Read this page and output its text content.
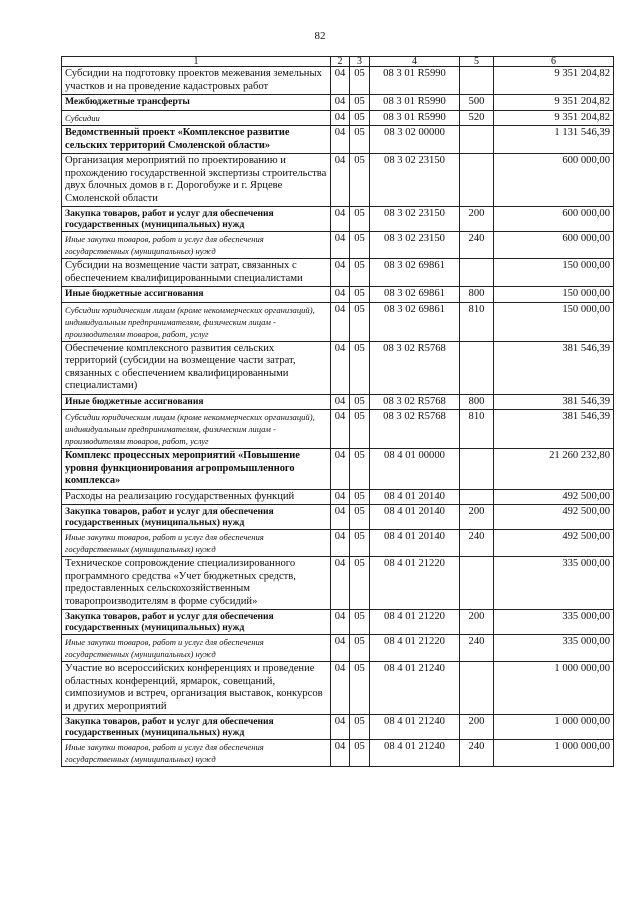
82
1	2	3	4	5	6
Субсидии на подготовку проектов межевания земельных участков и на проведение кадастровых работ	04	05	08 3 01 R5990		9 351 204,82
Межбюджетные трансферты	04	05	08 3 01 R5990	500	9 351 204,82
Субсидии	04	05	08 3 01 R5990	520	9 351 204,82
Ведомственный проект «Комплексное развитие сельских территорий Смоленской области»	04	05	08 3 02 00000		1 131 546,39
Организация мероприятий по проектированию и прохождению государственной экспертизы строительства двух блочных домов в г. Дорогобуже и г. Ярцеве Смоленской области	04	05	08 3 02 23150		600 000,00
Закупка товаров, работ и услуг для обеспечения государственных (муниципальных) нужд	04	05	08 3 02 23150	200	600 000,00
Иные закупки товаров, работ и услуг для обеспечения государственных (муниципальных) нужд	04	05	08 3 02 23150	240	600 000,00
Субсидии на возмещение части затрат, связанных с обеспечением квалифицированными специалистами	04	05	08 3 02 69861		150 000,00
Иные бюджетные ассигнования	04	05	08 3 02 69861	800	150 000,00
Субсидии юридическим лицам (кроме некоммерческих организаций), индивидуальным предпринимателям, физическим лицам - производителям товаров, работ, услуг	04	05	08 3 02 69861	810	150 000,00
Обеспечение комплексного развития сельских территорий (субсидии на возмещение части затрат, связанных с обеспечением квалифицированными специалистами)	04	05	08 3 02 R5768		381 546,39
Иные бюджетные ассигнования	04	05	08 3 02 R5768	800	381 546,39
Субсидии юридическим лицам (кроме некоммерческих организаций), индивидуальным предпринимателям, физическим лицам - производителям товаров, работ, услуг	04	05	08 3 02 R5768	810	381 546,39
Комплекс процессных мероприятий «Повышение уровня функционирования агропромышленного комплекса»	04	05	08 4 01 00000		21 260 232,80
Расходы на реализацию государственных функций	04	05	08 4 01 20140		492 500,00
Закупка товаров, работ и услуг для обеспечения государственных (муниципальных) нужд	04	05	08 4 01 20140	200	492 500,00
Иные закупки товаров, работ и услуг для обеспечения государственных (муниципальных) нужд	04	05	08 4 01 20140	240	492 500,00
Техническое сопровождение специализированного программного средства «Учет бюджетных средств, предоставленных сельскохозяйственным товаропроизводителям в форме субсидий»	04	05	08 4 01 21220		335 000,00
Закупка товаров, работ и услуг для обеспечения государственных (муниципальных) нужд	04	05	08 4 01 21220	200	335 000,00
Иные закупки товаров, работ и услуг для обеспечения государственных (муниципальных) нужд	04	05	08 4 01 21220	240	335 000,00
Участие во всероссийских конференциях и проведение областных конференций, ярмарок, совещаний, симпозиумов и встреч, организация выставок, конкурсов и других мероприятий	04	05	08 4 01 21240		1 000 000,00
Закупка товаров, работ и услуг для обеспечения государственных (муниципальных) нужд	04	05	08 4 01 21240	200	1 000 000,00
Иные закупки товаров, работ и услуг для обеспечения государственных (муниципальных) нужд	04	05	08 4 01 21240	240	1 000 000,00
